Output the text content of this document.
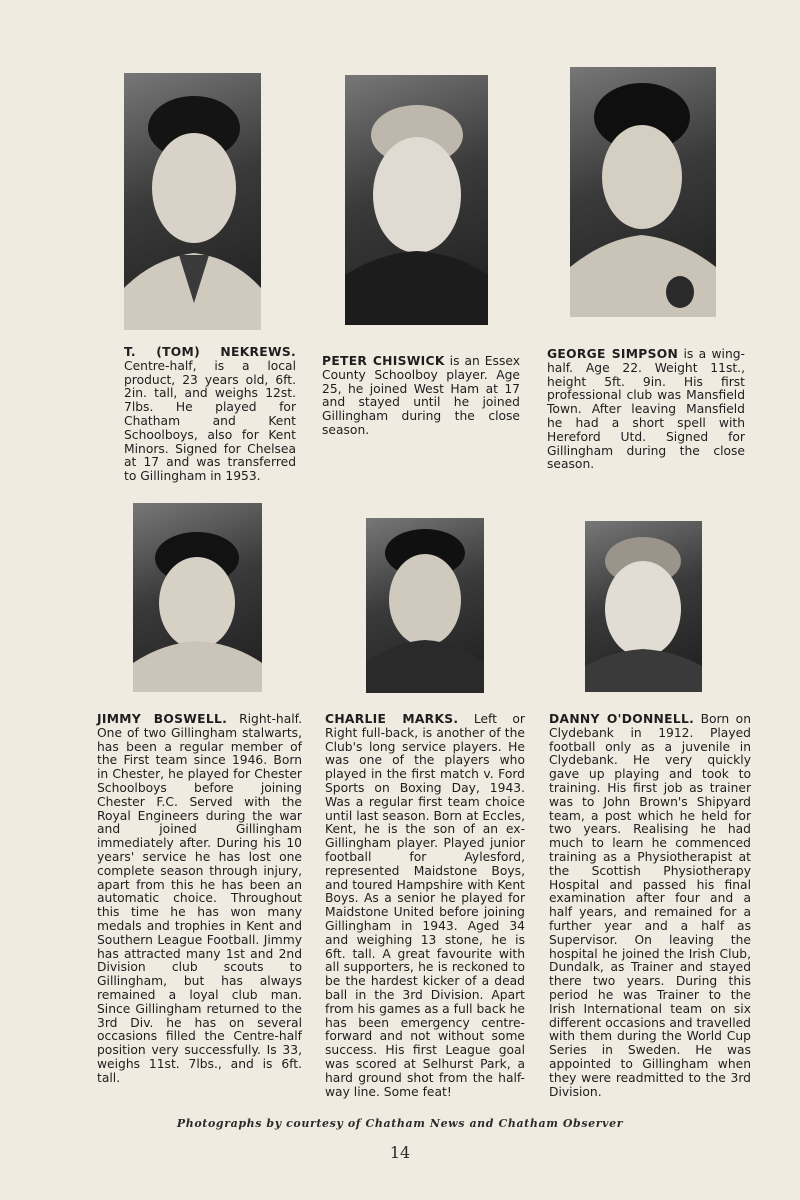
T. (TOM) NEKREWS. Centre-half, is a local product, 23 years old, 6ft. 2in. tall, and weighs 12st. 7lbs. He played for Chatham and Kent Schoolboys, also for Kent Minors. Signed for Chelsea at 17 and was transferred to Gillingham in 1953.
PETER CHISWICK is an Essex County Schoolboy player. Age 25, he joined West Ham at 17 and stayed until he joined Gillingham during the close season.
GEORGE SIMPSON is a wing-half. Age 22. Weight 11st., height 5ft. 9in. His first professional club was Mansfield Town. After leaving Mansfield he had a short spell with Hereford Utd. Signed for Gillingham during the close season.
JIMMY BOSWELL. Right-half. One of two Gillingham stalwarts, has been a regular member of the First team since 1946. Born in Chester, he played for Chester Schoolboys before joining Chester F.C. Served with the Royal Engineers during the war and joined Gillingham immediately after. During his 10 years' service he has lost one complete season through injury, apart from this he has been an automatic choice. Throughout this time he has won many medals and trophies in Kent and Southern League Football. Jimmy has attracted many 1st and 2nd Division club scouts to Gillingham, but has always remained a loyal club man. Since Gillingham returned to the 3rd Div. he has on several occasions filled the Centre-half position very successfully. Is 33, weighs 11st. 7lbs., and is 6ft. tall.
CHARLIE MARKS. Left or Right full-back, is another of the Club's long service players. He was one of the players who played in the first match v. Ford Sports on Boxing Day, 1943. Was a regular first team choice until last season. Born at Eccles, Kent, he is the son of an ex-Gillingham player. Played junior football for Aylesford, represented Maidstone Boys, and toured Hampshire with Kent Boys. As a senior he played for Maidstone United before joining Gillingham in 1943. Aged 34 and weighing 13 stone, he is 6ft. tall. A great favourite with all supporters, he is reckoned to be the hardest kicker of a dead ball in the 3rd Division. Apart from his games as a full back he has been emergency centre-forward and not without some success. His first League goal was scored at Selhurst Park, a hard ground shot from the half-way line. Some feat!
DANNY O'DONNELL. Born on Clydebank in 1912. Played football only as a juvenile in Clydebank. He very quickly gave up playing and took to training. His first job as trainer was to John Brown's Shipyard team, a post which he held for two years. Realising he had much to learn he commenced training as a Physiotherapist at the Scottish Physiotherapy Hospital and passed his final examination after four and a half years, and remained for a further year and a half as Supervisor. On leaving the hospital he joined the Irish Club, Dundalk, as Trainer and stayed there two years. During this period he was Trainer to the Irish International team on six different occasions and travelled with them during the World Cup Series in Sweden. He was appointed to Gillingham when they were readmitted to the 3rd Division.
Photographs by courtesy of Chatham News and Chatham Observer
14
